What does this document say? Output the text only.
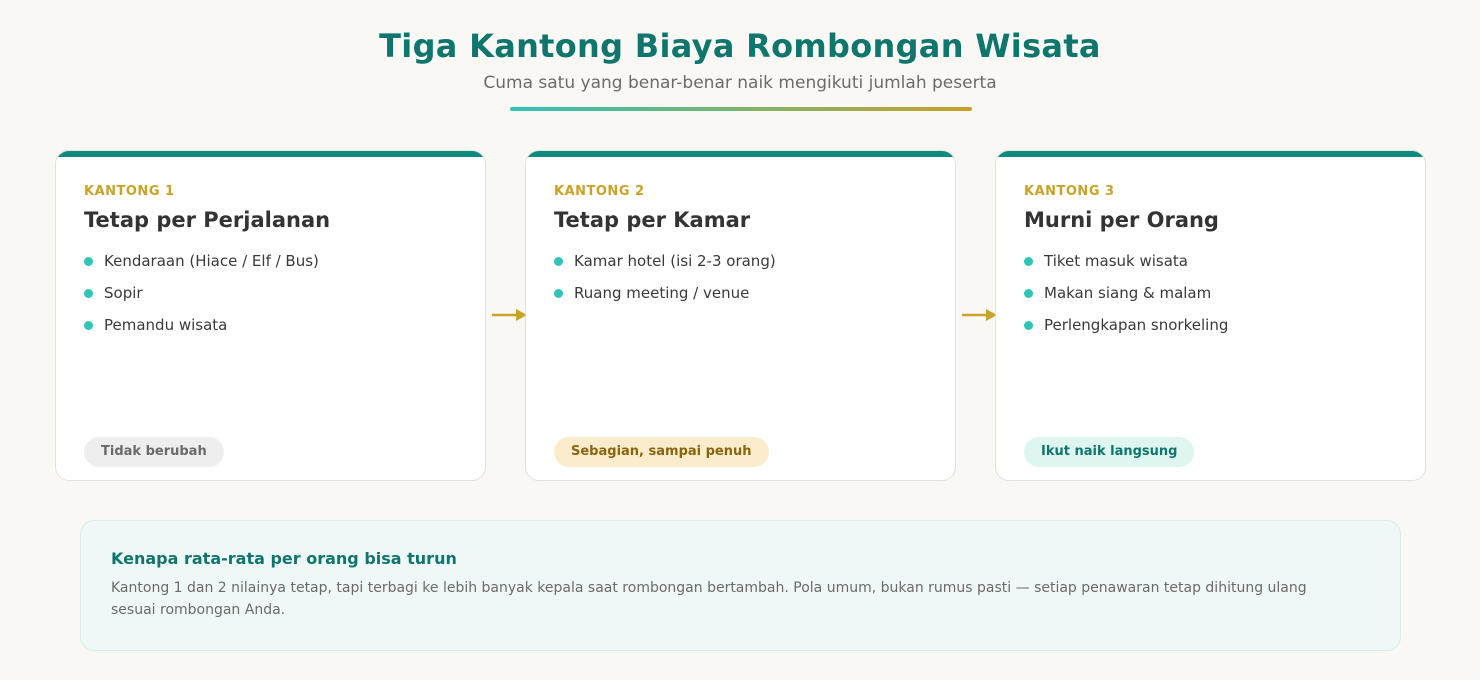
Tiga Kantong Biaya Rombongan Wisata
Cuma satu yang benar-benar naik mengikuti jumlah peserta
KANTONG 1
Tetap per Perjalanan
Kendaraan (Hiace / Elf / Bus)
Sopir
Pemandu wisata
Tidak berubah
KANTONG 2
Tetap per Kamar
Kamar hotel (isi 2-3 orang)
Ruang meeting / venue
Sebagian, sampai penuh
KANTONG 3
Murni per Orang
Tiket masuk wisata
Makan siang & malam
Perlengkapan snorkeling
Ikut naik langsung
Kenapa rata-rata per orang bisa turun
Kantong 1 dan 2 nilainya tetap, tapi terbagi ke lebih banyak kepala saat rombongan bertambah. Pola umum, bukan rumus pasti — setiap penawaran tetap dihitung ulang sesuai rombongan Anda.
